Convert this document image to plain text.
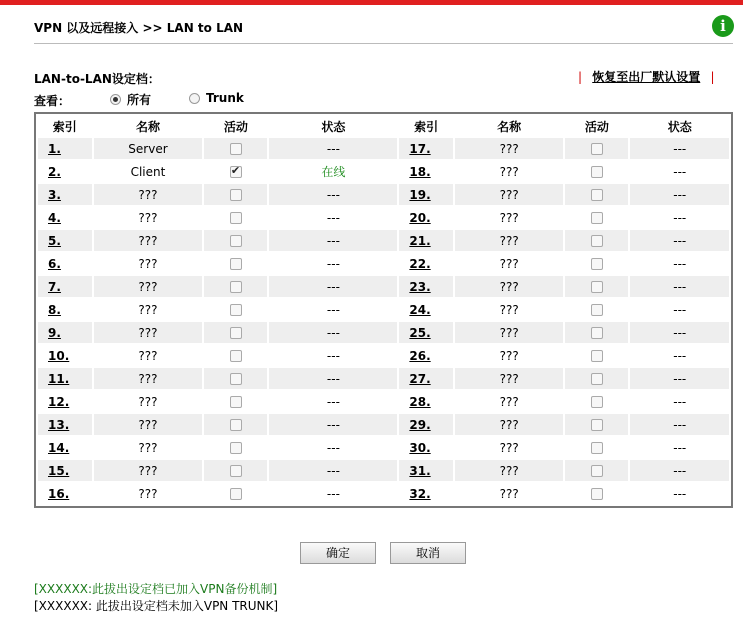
VPN 以及远程接入 >> LAN to LAN	i
LAN-to-LAN设定档：	| 恢复至出厂默认设置 |
查看：	所有	Trunk
索引	名称	活动	状态	索引	名称	活动	状态
1.	Server		---	17.	???		---
2.	Client	✔	在线	18.	???		---
3.	???		---	19.	???		---
4.	???		---	20.	???		---
5.	???		---	21.	???		---
6.	???		---	22.	???		---
7.	???		---	23.	???		---
8.	???		---	24.	???		---
9.	???		---	25.	???		---
10.	???		---	26.	???		---
11.	???		---	27.	???		---
12.	???		---	28.	???		---
13.	???		---	29.	???		---
14.	???		---	30.	???		---
15.	???		---	31.	???		---
16.	???		---	32.	???		---
确定	取消
[XXXXXX:此拔出设定档已加入VPN备份机制]
[XXXXXX: 此拔出设定档未加入VPN TRUNK]
